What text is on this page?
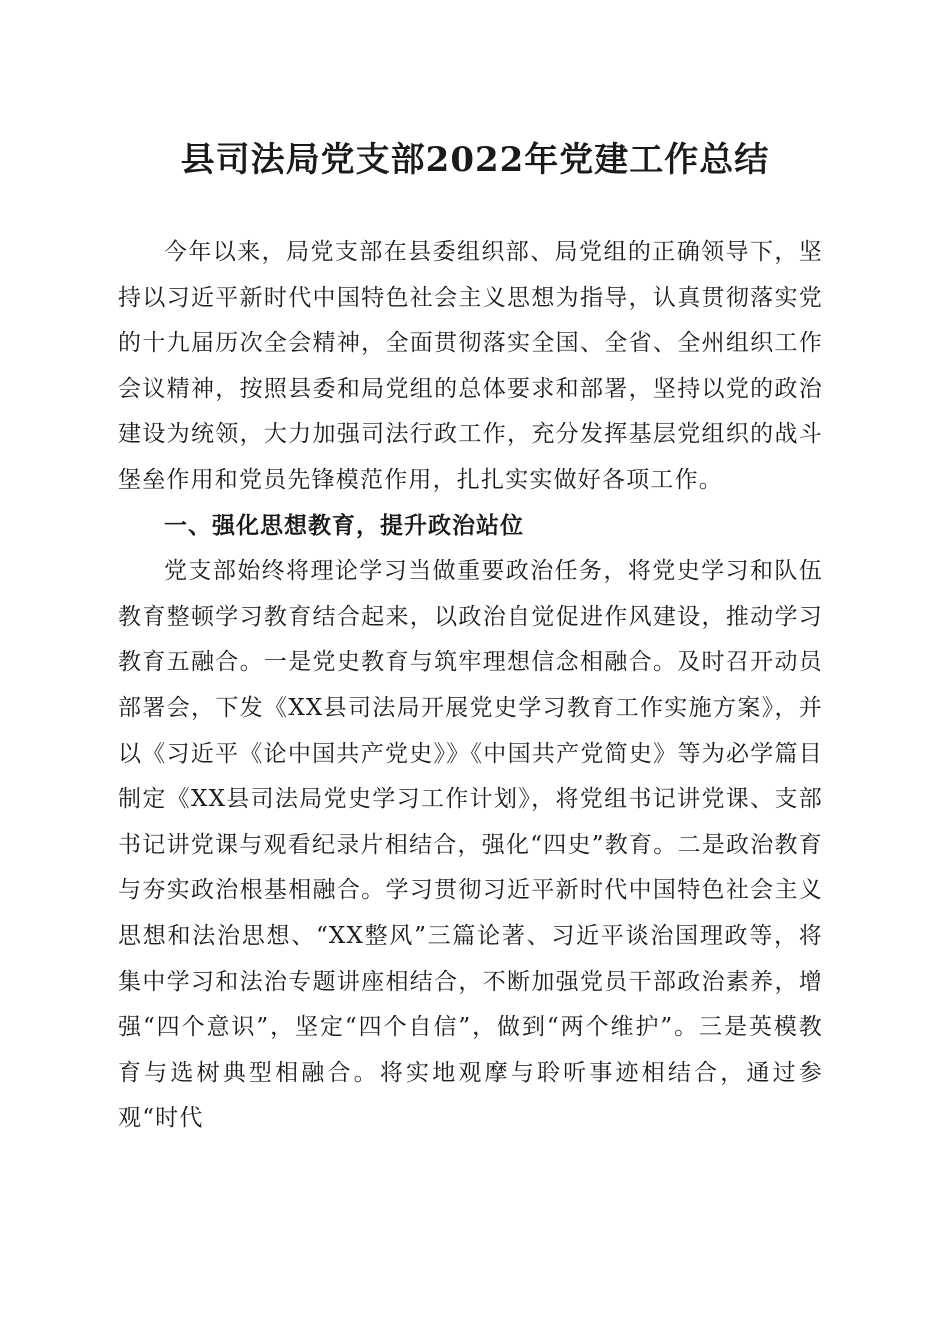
县司法局党支部2022年党建工作总结

今年以来，局党支部在县委组织部、局党组的正确领导下，坚持以习近平新时代中国特色社会主义思想为指导，认真贯彻落实党的十九届历次全会精神，全面贯彻落实全国、全省、全州组织工作会议精神，按照县委和局党组的总体要求和部署，坚持以党的政治建设为统领，大力加强司法行政工作，充分发挥基层党组织的战斗堡垒作用和党员先锋模范作用，扎扎实实做好各项工作。

一、强化思想教育，提升政治站位

党支部始终将理论学习当做重要政治任务，将党史学习和队伍教育整顿学习教育结合起来，以政治自觉促进作风建设，推动学习教育五融合。一是党史教育与筑牢理想信念相融合。及时召开动员部署会，下发《XX县司法局开展党史学习教育工作实施方案》，并以《习近平《论中国共产党史》》《中国共产党简史》等为必学篇目制定《XX县司法局党史学习工作计划》，将党组书记讲党课、支部书记讲党课与观看纪录片相结合，强化“四史”教育。二是政治教育与夯实政治根基相融合。学习贯彻习近平新时代中国特色社会主义思想和法治思想、“XX整风”三篇论著、习近平谈治国理政等，将集中学习和法治专题讲座相结合，不断加强党员干部政治素养，增强“四个意识”，坚定“四个自信”，做到“两个维护”。三是英模教育与选树典型相融合。将实地观摩与聆听事迹相结合，通过参观“时代
